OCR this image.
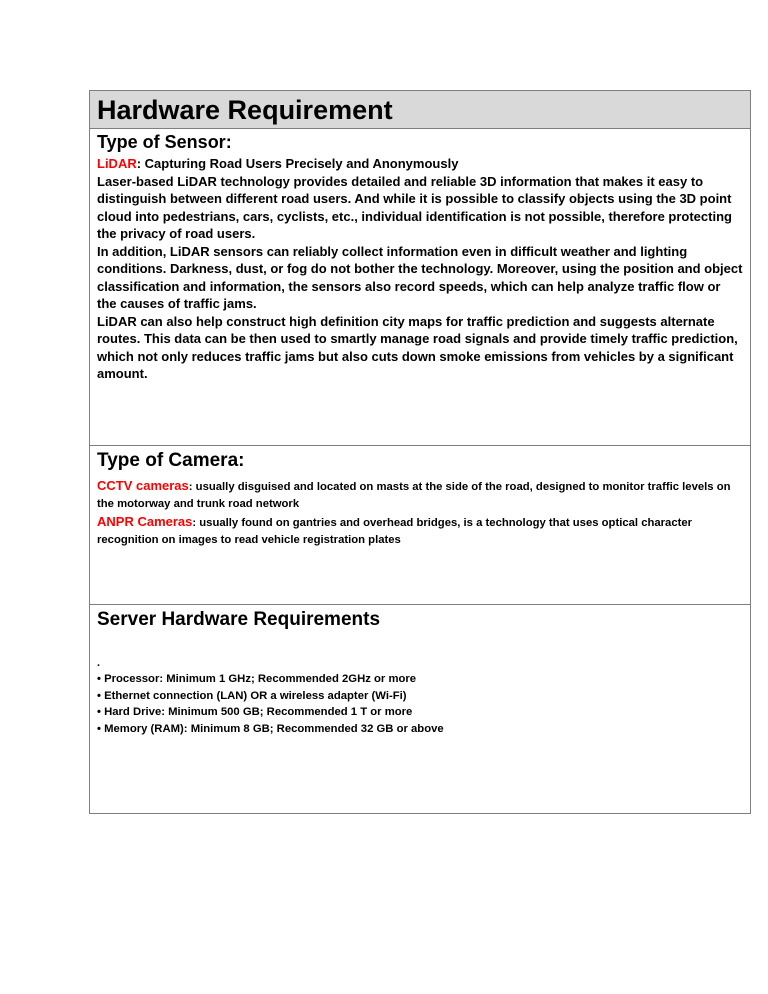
Hardware Requirement
Type of Sensor:

LiDAR: Capturing Road Users Precisely and Anonymously

Laser-based LiDAR technology provides detailed and reliable 3D information that makes it easy to distinguish between different road users. And while it is possible to classify objects using the 3D point cloud into pedestrians, cars, cyclists, etc., individual identification is not possible, therefore protecting the privacy of road users.

In addition, LiDAR sensors can reliably collect information even in difficult weather and lighting conditions. Darkness, dust, or fog do not bother the technology. Moreover, using the position and object classification and information, the sensors also record speeds, which can help analyze traffic flow or the causes of traffic jams.

LiDAR can also help construct high definition city maps for traffic prediction and suggests alternate routes. This data can be then used to smartly manage road signals and provide timely traffic prediction, which not only reduces traffic jams but also cuts down smoke emissions from vehicles by a significant amount.

Type of Camera:

CCTV cameras: usually disguised and located on masts at the side of the road, designed to monitor traffic levels on the motorway and trunk road network

ANPR Cameras: usually found on gantries and overhead bridges, is a technology that uses optical character recognition on images to read vehicle registration plates

Server Hardware Requirements

.

• Processor: Minimum 1 GHz; Recommended 2GHz or more

• Ethernet connection (LAN) OR a wireless adapter (Wi-Fi)

• Hard Drive: Minimum 500 GB; Recommended 1 T or more

• Memory (RAM): Minimum 8 GB; Recommended 32 GB or above
